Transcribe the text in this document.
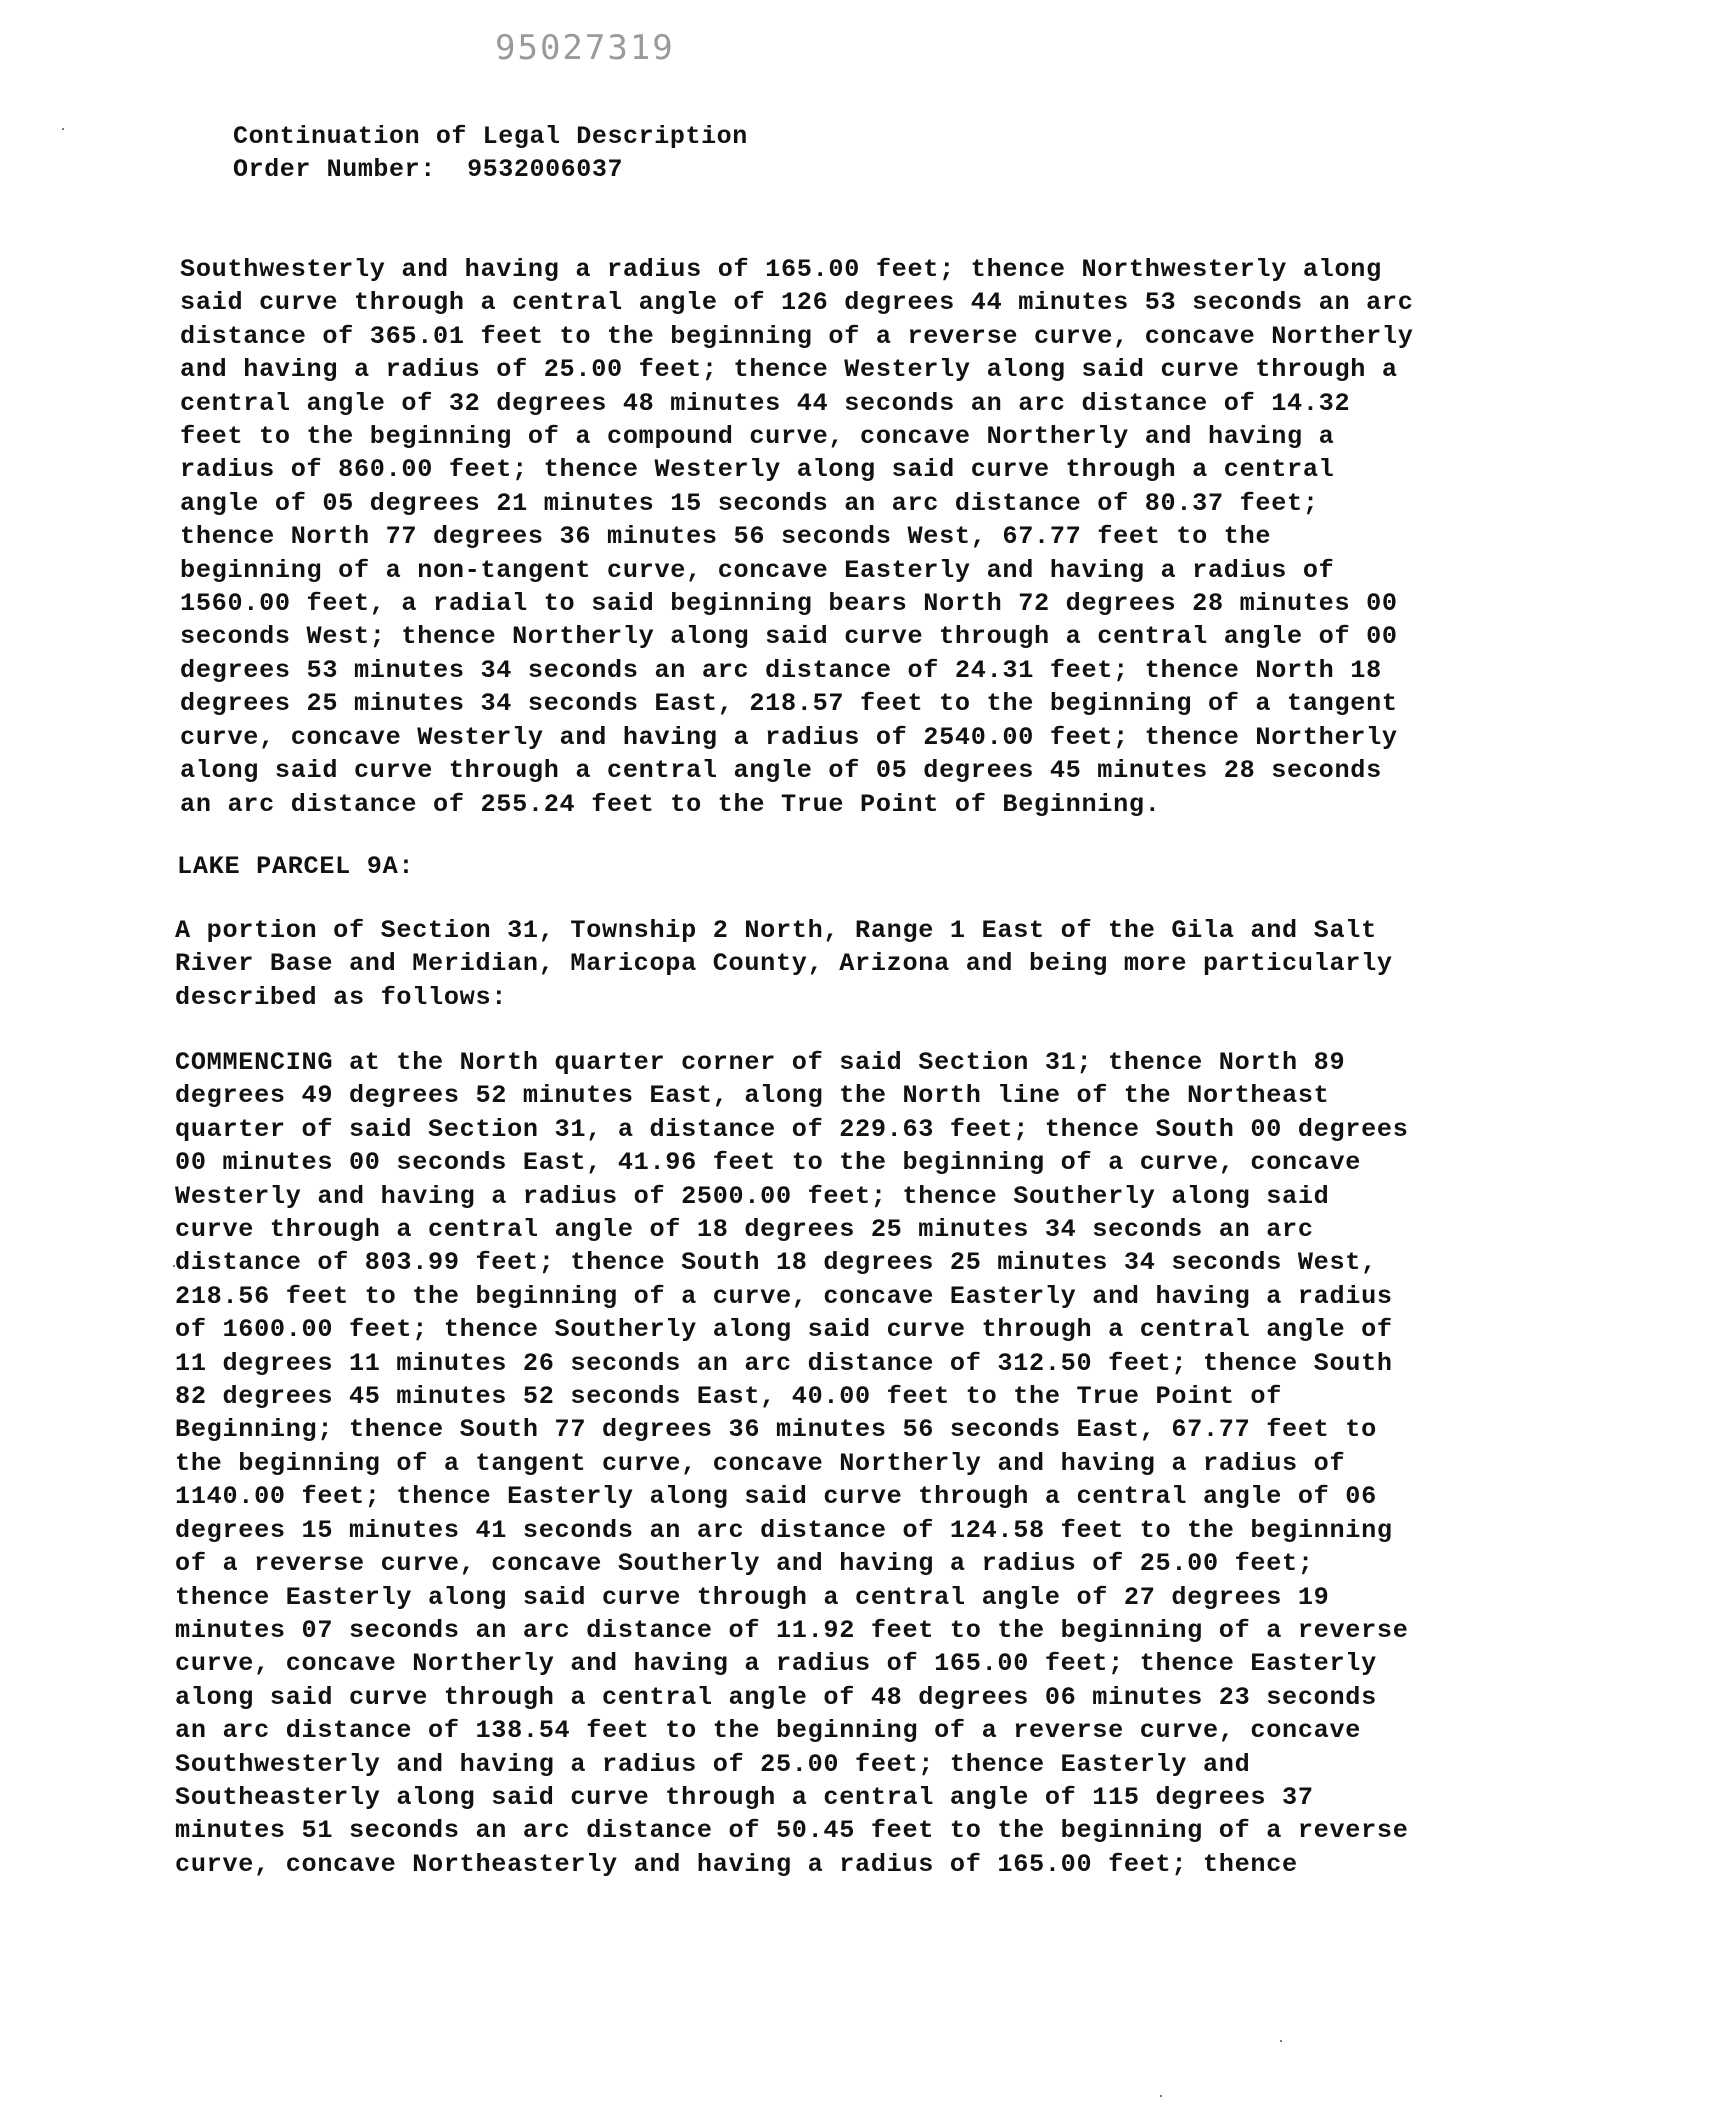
95027319
Continuation of Legal Description
Order Number: 9532006037
Southwesterly and having a radius of 165.00 feet; thence Northwesterly along
said curve through a central angle of 126 degrees 44 minutes 53 seconds an arc
distance of 365.01 feet to the beginning of a reverse curve, concave Northerly
and having a radius of 25.00 feet; thence Westerly along said curve through a
central angle of 32 degrees 48 minutes 44 seconds an arc distance of 14.32
feet to the beginning of a compound curve, concave Northerly and having a
radius of 860.00 feet; thence Westerly along said curve through a central
angle of 05 degrees 21 minutes 15 seconds an arc distance of 80.37 feet;
thence North 77 degrees 36 minutes 56 seconds West, 67.77 feet to the
beginning of a non-tangent curve, concave Easterly and having a radius of
1560.00 feet, a radial to said beginning bears North 72 degrees 28 minutes 00
seconds West; thence Northerly along said curve through a central angle of 00
degrees 53 minutes 34 seconds an arc distance of 24.31 feet; thence North 18
degrees 25 minutes 34 seconds East, 218.57 feet to the beginning of a tangent
curve, concave Westerly and having a radius of 2540.00 feet; thence Northerly
along said curve through a central angle of 05 degrees 45 minutes 28 seconds
an arc distance of 255.24 feet to the True Point of Beginning.
LAKE PARCEL 9A:
A portion of Section 31, Township 2 North, Range 1 East of the Gila and Salt
River Base and Meridian, Maricopa County, Arizona and being more particularly
described as follows:
COMMENCING at the North quarter corner of said Section 31; thence North 89
degrees 49 degrees 52 minutes East, along the North line of the Northeast
quarter of said Section 31, a distance of 229.63 feet; thence South 00 degrees
00 minutes 00 seconds East, 41.96 feet to the beginning of a curve, concave
Westerly and having a radius of 2500.00 feet; thence Southerly along said
curve through a central angle of 18 degrees 25 minutes 34 seconds an arc
distance of 803.99 feet; thence South 18 degrees 25 minutes 34 seconds West,
218.56 feet to the beginning of a curve, concave Easterly and having a radius
of 1600.00 feet; thence Southerly along said curve through a central angle of
11 degrees 11 minutes 26 seconds an arc distance of 312.50 feet; thence South
82 degrees 45 minutes 52 seconds East, 40.00 feet to the True Point of
Beginning; thence South 77 degrees 36 minutes 56 seconds East, 67.77 feet to
the beginning of a tangent curve, concave Northerly and having a radius of
1140.00 feet; thence Easterly along said curve through a central angle of 06
degrees 15 minutes 41 seconds an arc distance of 124.58 feet to the beginning
of a reverse curve, concave Southerly and having a radius of 25.00 feet;
thence Easterly along said curve through a central angle of 27 degrees 19
minutes 07 seconds an arc distance of 11.92 feet to the beginning of a reverse
curve, concave Northerly and having a radius of 165.00 feet; thence Easterly
along said curve through a central angle of 48 degrees 06 minutes 23 seconds
an arc distance of 138.54 feet to the beginning of a reverse curve, concave
Southwesterly and having a radius of 25.00 feet; thence Easterly and
Southeasterly along said curve through a central angle of 115 degrees 37
minutes 51 seconds an arc distance of 50.45 feet to the beginning of a reverse
curve, concave Northeasterly and having a radius of 165.00 feet; thence
